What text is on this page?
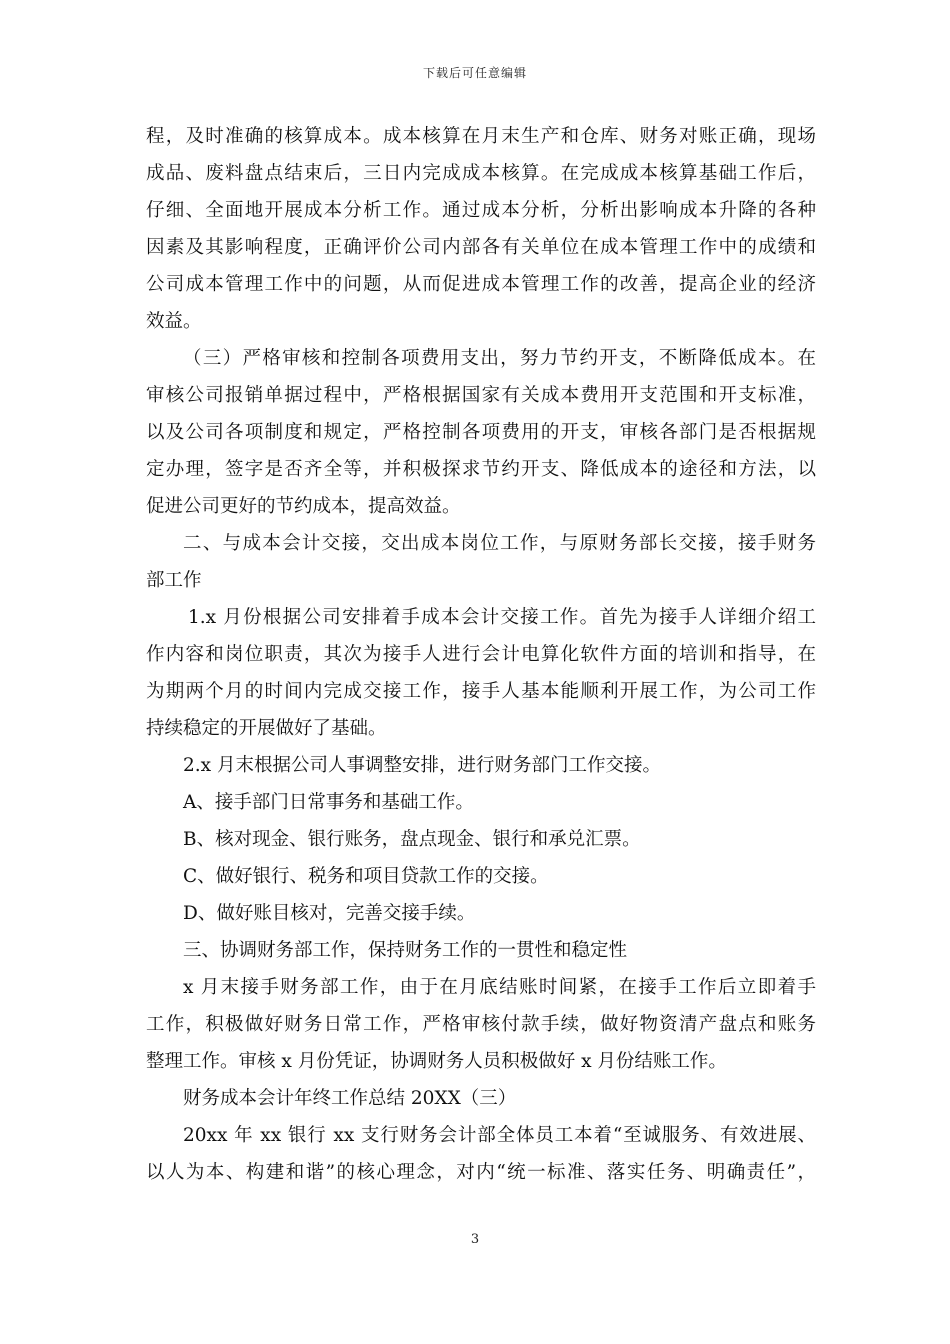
下载后可任意编辑
程，及时准确的核算成本。成本核算在月末生产和仓库、财务对账正确，现场
成品、废料盘点结束后，三日内完成成本核算。在完成成本核算基础工作后，
仔细、全面地开展成本分析工作。通过成本分析，分析出影响成本升降的各种
因素及其影响程度，正确评价公司内部各有关单位在成本管理工作中的成绩和
公司成本管理工作中的问题，从而促进成本管理工作的改善，提高企业的经济
效益。
（三）严格审核和控制各项费用支出，努力节约开支，不断降低成本。在
审核公司报销单据过程中，严格根据国家有关成本费用开支范围和开支标准，
以及公司各项制度和规定，严格控制各项费用的开支，审核各部门是否根据规
定办理，签字是否齐全等，并积极探求节约开支、降低成本的途径和方法，以
促进公司更好的节约成本，提高效益。
二、与成本会计交接，交出成本岗位工作，与原财务部长交接，接手财务
部工作
1.x 月份根据公司安排着手成本会计交接工作。首先为接手人详细介绍工
作内容和岗位职责，其次为接手人进行会计电算化软件方面的培训和指导，在
为期两个月的时间内完成交接工作，接手人基本能顺利开展工作，为公司工作
持续稳定的开展做好了基础。
2.x 月末根据公司人事调整安排，进行财务部门工作交接。
A、接手部门日常事务和基础工作。
B、核对现金、银行账务，盘点现金、银行和承兑汇票。
C、做好银行、税务和项目贷款工作的交接。
D、做好账目核对，完善交接手续。
三、协调财务部工作，保持财务工作的一贯性和稳定性
x 月末接手财务部工作，由于在月底结账时间紧，在接手工作后立即着手
工作，积极做好财务日常工作，严格审核付款手续，做好物资清产盘点和账务
整理工作。审核 x 月份凭证，协调财务人员积极做好 x 月份结账工作。
财务成本会计年终工作总结 20XX（三）
20xx 年 xx 银行 xx 支行财务会计部全体员工本着“至诚服务、有效进展、
以人为本、构建和谐”的核心理念，对内“统一标准、落实任务、明确责任”，
3
